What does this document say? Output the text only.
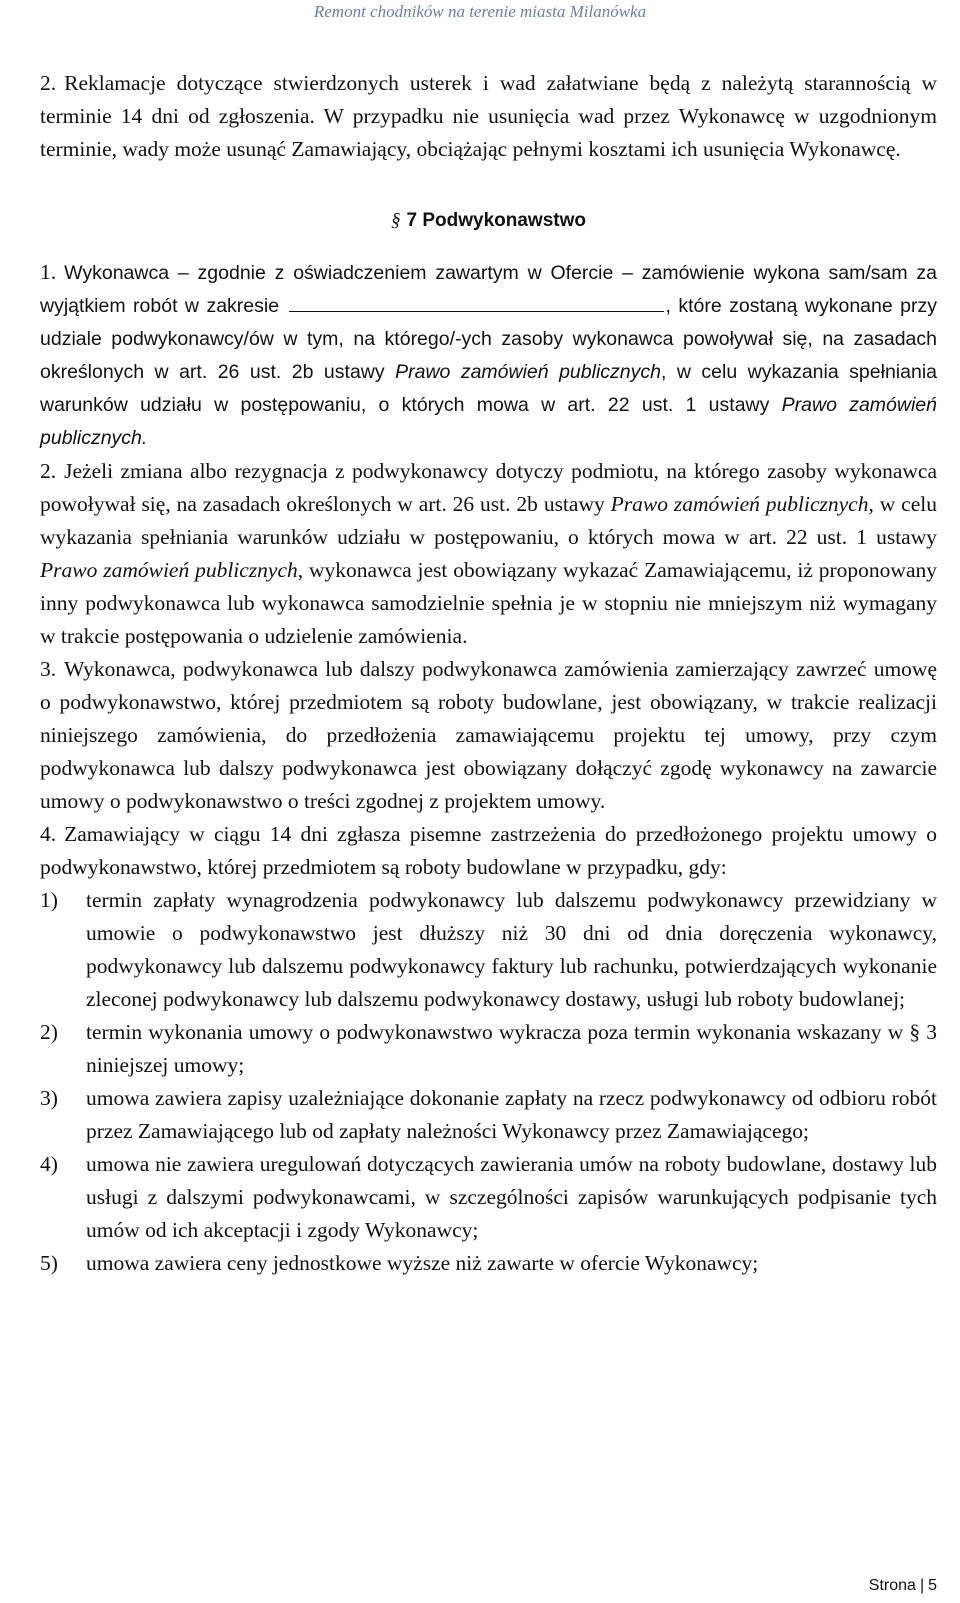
Remont chodników na terenie miasta Milanówka
2. Reklamacje dotyczące stwierdzonych usterek i wad załatwiane będą z należytą starannością w terminie 14 dni od zgłoszenia. W przypadku nie usunięcia wad przez Wykonawcę w uzgodnionym terminie, wady może usunąć Zamawiający, obciążając pełnymi kosztami ich usunięcia Wykonawcę.
§ 7 Podwykonawstwo
1. Wykonawca – zgodnie z oświadczeniem zawartym w Ofercie – zamówienie wykona sam/sam za wyjątkiem robót w zakresie	, które zostaną wykonane przy udziale podwykonawcy/ów w tym, na którego/-ych zasoby wykonawca powoływał się, na zasadach określonych w art. 26 ust. 2b ustawy Prawo zamówień publicznych, w celu wykazania spełniania warunków udziału w postępowaniu, o których mowa w art. 22 ust. 1 ustawy Prawo zamówień publicznych.
2. Jeżeli zmiana albo rezygnacja z podwykonawcy dotyczy podmiotu, na którego zasoby wykonawca powoływał się, na zasadach określonych w art. 26 ust. 2b ustawy Prawo zamówień publicznych, w celu wykazania spełniania warunków udziału w postępowaniu, o których mowa w art. 22 ust. 1 ustawy Prawo zamówień publicznych, wykonawca jest obowiązany wykazać Zamawiającemu, iż proponowany inny podwykonawca lub wykonawca samodzielnie spełnia je w stopniu nie mniejszym niż wymagany w trakcie postępowania o udzielenie zamówienia.
3. Wykonawca, podwykonawca lub dalszy podwykonawca zamówienia zamierzający zawrzeć umowę o podwykonawstwo, której przedmiotem są roboty budowlane, jest obowiązany, w trakcie realizacji niniejszego zamówienia, do przedłożenia zamawiającemu projektu tej umowy, przy czym podwykonawca lub dalszy podwykonawca jest obowiązany dołączyć zgodę wykonawcy na zawarcie umowy o podwykonawstwo o treści zgodnej z projektem umowy.
4. Zamawiający w ciągu 14 dni zgłasza pisemne zastrzeżenia do przedłożonego projektu umowy o podwykonawstwo, której przedmiotem są roboty budowlane w przypadku, gdy:
1) termin zapłaty wynagrodzenia podwykonawcy lub dalszemu podwykonawcy przewidziany w umowie o podwykonawstwo jest dłuższy niż 30 dni od dnia doręczenia wykonawcy, podwykonawcy lub dalszemu podwykonawcy faktury lub rachunku, potwierdzających wykonanie zleconej podwykonawcy lub dalszemu podwykonawcy dostawy, usługi lub roboty budowlanej;
2) termin wykonania umowy o podwykonawstwo wykracza poza termin wykonania wskazany w § 3 niniejszej umowy;
3) umowa zawiera zapisy uzależniające dokonanie zapłaty na rzecz podwykonawcy od odbioru robót przez Zamawiającego lub od zapłaty należności Wykonawcy przez Zamawiającego;
4) umowa nie zawiera uregulowań dotyczących zawierania umów na roboty budowlane, dostawy lub usługi z dalszymi podwykonawcami, w szczególności zapisów warunkujących podpisanie tych umów od ich akceptacji i zgody Wykonawcy;
5) umowa zawiera ceny jednostkowe wyższe niż zawarte w ofercie Wykonawcy;
Strona | 5
